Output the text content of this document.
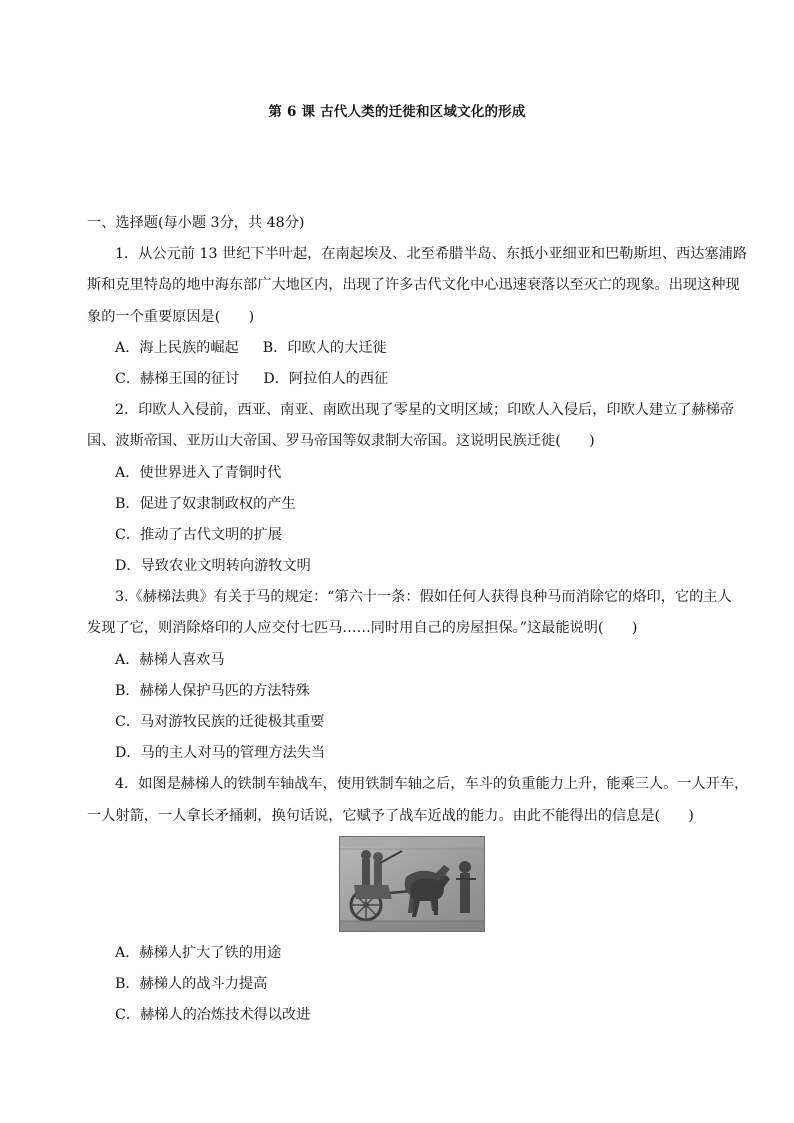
第 6 课 古代人类的迁徙和区域文化的形成
一、选择题(每小题 3分，共 48分)
1．从公元前 13 世纪下半叶起，在南起埃及、北至希腊半岛、东抵小亚细亚和巴勒斯坦、西达塞浦路
斯和克里特岛的地中海东部广大地区内，出现了许多古代文化中心迅速衰落以至灭亡的现象。出现这种现
象的一个重要原因是(　　)
A．海上民族的崛起 B．印欧人的大迁徙
C．赫梯王国的征讨 D．阿拉伯人的西征
2．印欧人入侵前，西亚、南亚、南欧出现了零星的文明区域；印欧人入侵后，印欧人建立了赫梯帝
国、波斯帝国、亚历山大帝国、罗马帝国等奴隶制大帝国。这说明民族迁徙(　　)
A．使世界进入了青铜时代
B．促进了奴隶制政权的产生
C．推动了古代文明的扩展
D．导致农业文明转向游牧文明
3.《赫梯法典》有关于马的规定：“第六十一条：假如任何人获得良种马而消除它的烙印，它的主人
发现了它，则消除烙印的人应交付七匹马……同时用自己的房屋担保。”这最能说明(　　)
A．赫梯人喜欢马
B．赫梯人保护马匹的方法特殊
C．马对游牧民族的迁徙极其重要
D．马的主人对马的管理方法失当
4．如图是赫梯人的铁制车轴战车，使用铁制车轴之后，车斗的负重能力上升，能乘三人。一人开车，
一人射箭，一人拿长矛捅刺，换句话说，它赋予了战车近战的能力。由此不能得出的信息是(　　)
A．赫梯人扩大了铁的用途
B．赫梯人的战斗力提高
C．赫梯人的冶炼技术得以改进
